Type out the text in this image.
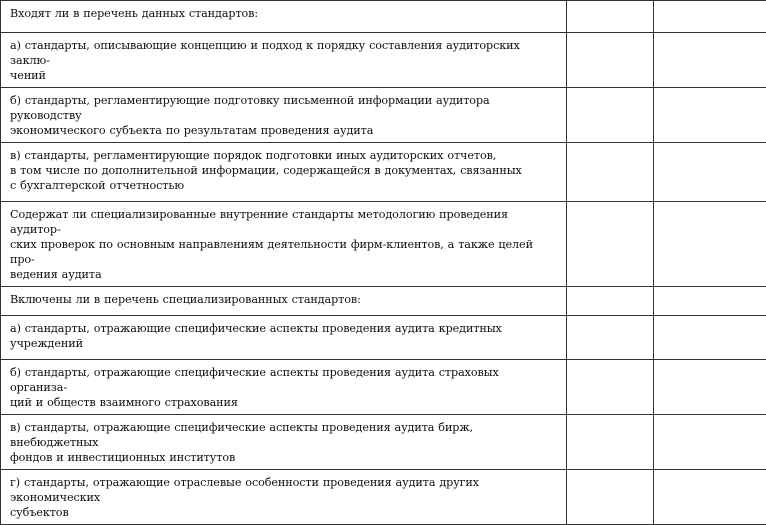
Входят ли в перечень данных стандартов:		

а) стандарты, описывающие концепцию и подход к порядку составления аудиторских заклю-
чений		

б) стандарты, регламентирующие подготовку письменной информации аудитора руководству
экономического субъекта по результатам проведения аудита		

в) стандарты, регламентирующие порядок подготовки иных аудиторских отчетов,
в том числе по дополнительной информации, содержащейся в документах, связанных
с бухгалтерской отчетностью		

Содержат ли специализированные внутренние стандарты методологию проведения аудитор-
ских проверок по основным направлениям деятельности фирм-клиентов, а также целей про-
ведения аудита		

Включены ли в перечень специализированных стандартов:		

а) стандарты, отражающие специфические аспекты проведения аудита кредитных
учреждений		

б) стандарты, отражающие специфические аспекты проведения аудита страховых организа-
ций и обществ взаимного страхования		

в) стандарты, отражающие специфические аспекты проведения аудита бирж, внебюджетных
фондов и инвестиционных институтов		

г) стандарты, отражающие отраслевые особенности проведения аудита других экономических
субъектов		
